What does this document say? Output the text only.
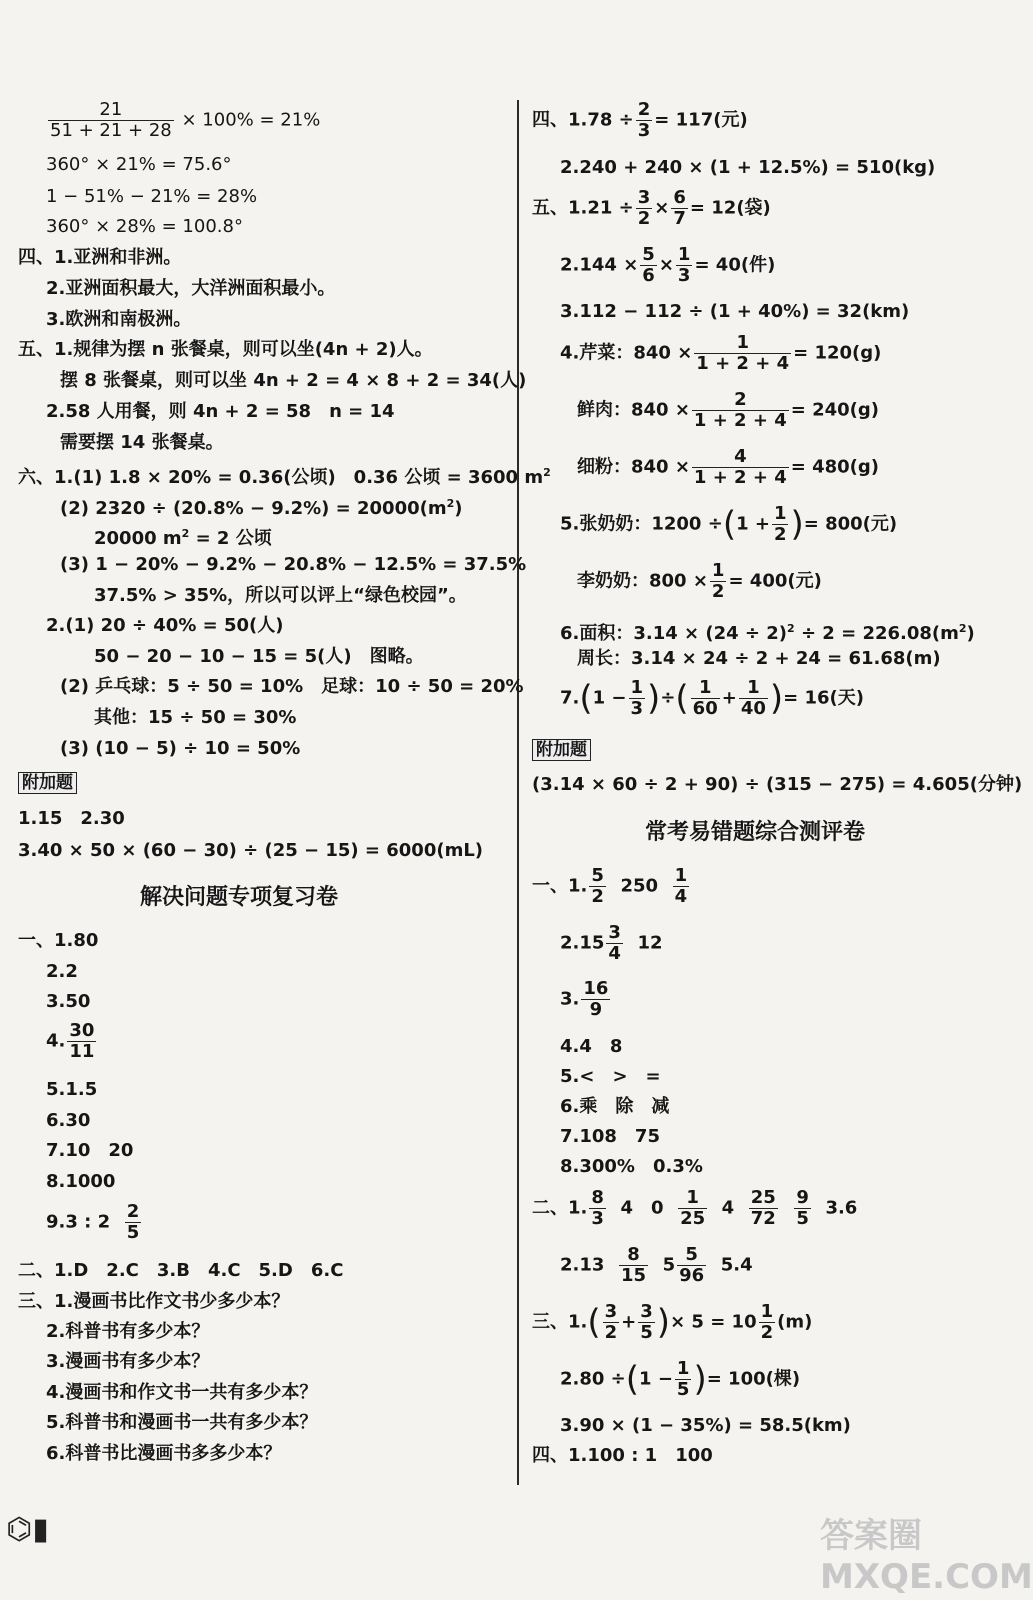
$\frac{21}{51 + 21 + 28} \times 100\% = 21\%$
360° × 21% = 75.6°
1 − 51% − 21% = 28%
360° × 28% = 100.8°
四、1.亚洲和非洲。
2.亚洲面积最大，大洋洲面积最小。
3.欧洲和南极洲。
五、1.规律为摆 n 张餐桌，则可以坐(4n + 2)人。
摆 8 张餐桌，则可以坐 4n + 2 = 4 × 8 + 2 = 34(人)
2.58 人用餐，则 4n + 2 = 58　n = 14
需要摆 14 张餐桌。
六、1.(1) 1.8 × 20% = 0.36(公顷)　0.36 公顷 = 3600 $m^2$
(2) $2320 \div (20.8\% - 9.2\%) = 20000(m^2)$
20000 $m^2 = 2$ 公顷
(3) 1 − 20% − 9.2% − 20.8% − 12.5% = 37.5%
37.5% > 35%，所以可以评上“绿色校园”。
2.(1) 20 ÷ 40% = 50(人)
50 − 20 − 10 − 15 = 5(人)　图略。
(2) 乒乓球：5 ÷ 50 = 10%　足球：10 ÷ 50 = 20%
其他：15 ÷ 50 = 30%
(3) (10 − 5) ÷ 10 = 50%
附加题
1.15　2.30
3.40 × 50 × (60 − 30) ÷ (25 − 15) = 6000(mL)
解决问题专项复习卷
一、1.80
2.2
3.50
4. $\frac{30}{11}$
5.1.5
6.30
7.10　20
8.1000
9.3 : $2 \frac{2}{5}$
二、1.D　2.C　3.B　4.C　5.D　6.C
三、1.漫画书比作文书少多少本？
2.科普书有多少本？
3.漫画书有多少本？
4.漫画书和作文书一共有多少本？
5.科普书和漫画书一共有多少本？
6.科普书比漫画书多多少本？
四、$1.78 \div \frac{2}{3} = 117$(元)
2.240 + 240 × (1 + 12.5%) = 510(kg)
五、$1.21 \div \frac{3}{2} \times \frac{6}{7} = 12$(袋)
$2.144 \times \frac{5}{6} \times \frac{1}{3} = 40$(件)
3.112 − 112 ÷ (1 + 40%) = 32(km)
4.芹菜：$840 \times \frac{1}{1 + 2 + 4} = 120(g)$
鲜肉：$840 \times \frac{2}{1 + 2 + 4} = 240(g)$
细粉：$840 \times \frac{4}{1 + 2 + 4} = 480(g)$
5.张奶奶：$1200 \div(1 + \frac{1}{2}$ )= 800(元)
李奶奶：$800 \times \frac{1}{2} = 400$(元)
6.面积：$3.14 \times (24 \div 2)^2 \div 2 = 226.08(m^2)$
周长：3.14 × 24 ÷ 2 + 24 = 61.68(m)
$7.(1 - \frac{1}{3}$ )÷( $\frac{1}{60} + \frac{1}{40}$ )= 16(天)
附加题
(3.14 × 60 ÷ 2 + 90) ÷ (315 − 275) = 4.605(分钟)
常考易错题综合测评卷
一、1. $\frac{5}{2} 250 \frac{1}{4}$
$2.15 \frac{3}{4} 12$
3. $\frac{16}{9}$
4.4　8
5.<　>　=
6.乘　除　减
7.108　75
8.300%　0.3%
二、1. $\frac{8}{3} 4$　$0 \frac{1}{25} 4 \frac{25}{72}$
$\frac{9}{5} 3.6$
$2.13 \frac{8}{15} 5 \frac{5}{96} 5.4$
三、$1.( \frac{3}{2} + \frac{3}{5}$ )× $5 = 10 \frac{1}{2} (m)$
$2.80 \div(1 - \frac{1}{5}$ )= 100(棵)
3.90 × (1 − 35%) = 58.5(km)
四、1.100 : 1　100
⌬▮	答案圈 MXQE.COM
